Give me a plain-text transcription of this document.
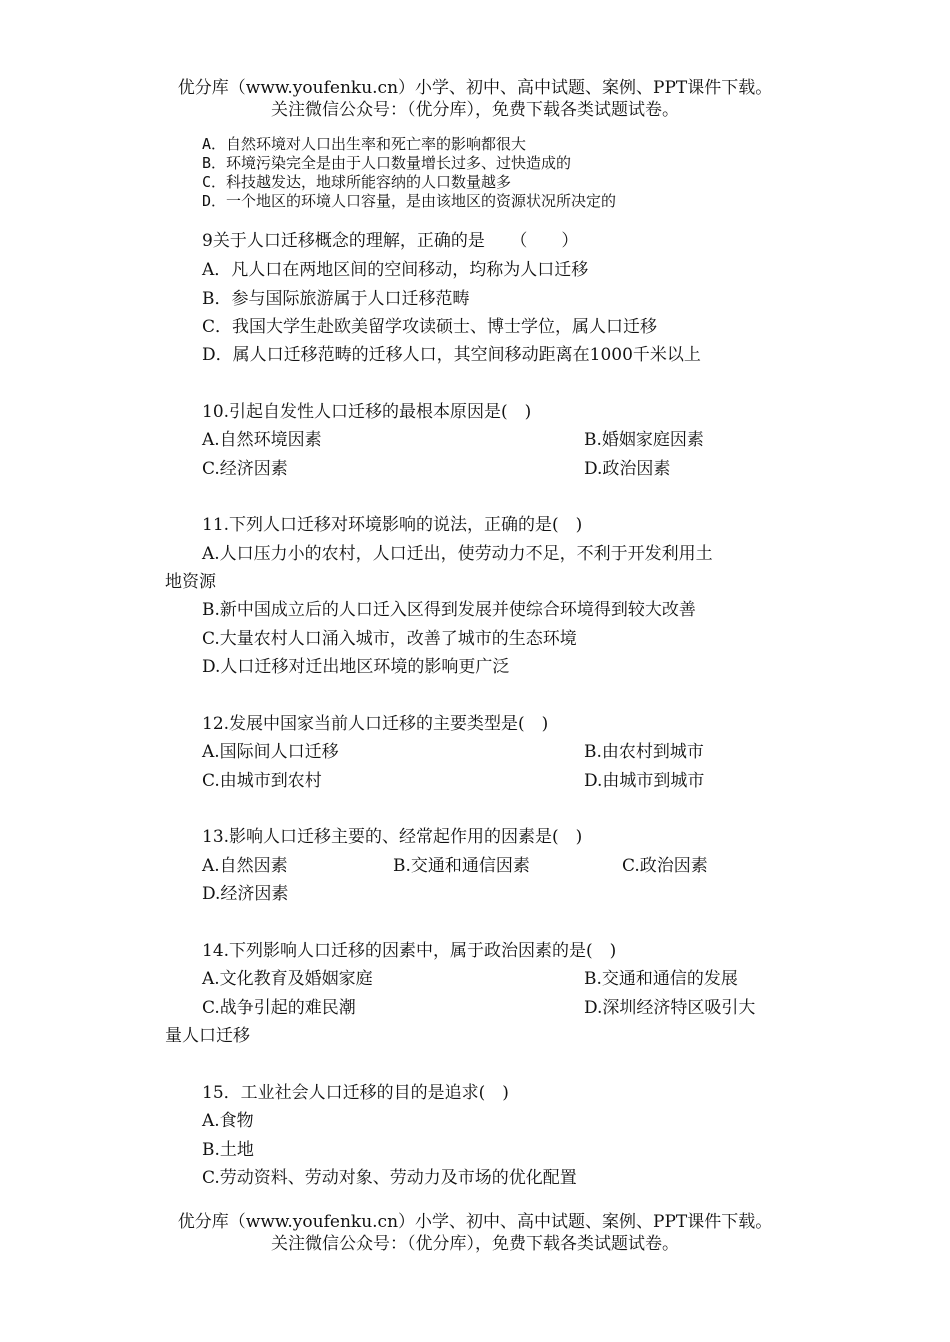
优分库（www.youfenku.cn）小学、初中、高中试题、案例、PPT课件下载。
关注微信公众号：（优分库），免费下载各类试题试卷。
A．自然环境对人口出生率和死亡率的影响都很大
B．环境污染完全是由于人口数量增长过多、过快造成的
C．科技越发达，地球所能容纳的人口数量越多
D．一个地区的环境人口容量，是由该地区的资源状况所决定的
9关于人口迁移概念的理解，正确的是　　（　　）
A．凡人口在两地区间的空间移动，均称为人口迁移
B．参与国际旅游属于人口迁移范畴
C．我国大学生赴欧美留学攻读硕士、博士学位，属人口迁移
D．属人口迁移范畴的迁移人口，其空间移动距离在1000千米以上
10.引起自发性人口迁移的最根本原因是(　)
A.自然环境因素	B.婚姻家庭因素
C.经济因素	D.政治因素
11.下列人口迁移对环境影响的说法，正确的是(　)
A.人口压力小的农村，人口迁出，使劳动力不足，不利于开发利用土
地资源
B.新中国成立后的人口迁入区得到发展并使综合环境得到较大改善
C.大量农村人口涌入城市，改善了城市的生态环境
D.人口迁移对迁出地区环境的影响更广泛
12.发展中国家当前人口迁移的主要类型是(　)
A.国际间人口迁移	B.由农村到城市
C.由城市到农村	D.由城市到城市
13.影响人口迁移主要的、经常起作用的因素是(　)
A.自然因素	B.交通和通信因素	C.政治因素
D.经济因素
14.下列影响人口迁移的因素中，属于政治因素的是(　)
A.文化教育及婚姻家庭	B.交通和通信的发展
C.战争引起的难民潮	D.深圳经济特区吸引大
量人口迁移
15．工业社会人口迁移的目的是追求(　)
A.食物
B.土地
C.劳动资料、劳动对象、劳动力及市场的优化配置
优分库（www.youfenku.cn）小学、初中、高中试题、案例、PPT课件下载。
关注微信公众号：（优分库），免费下载各类试题试卷。
